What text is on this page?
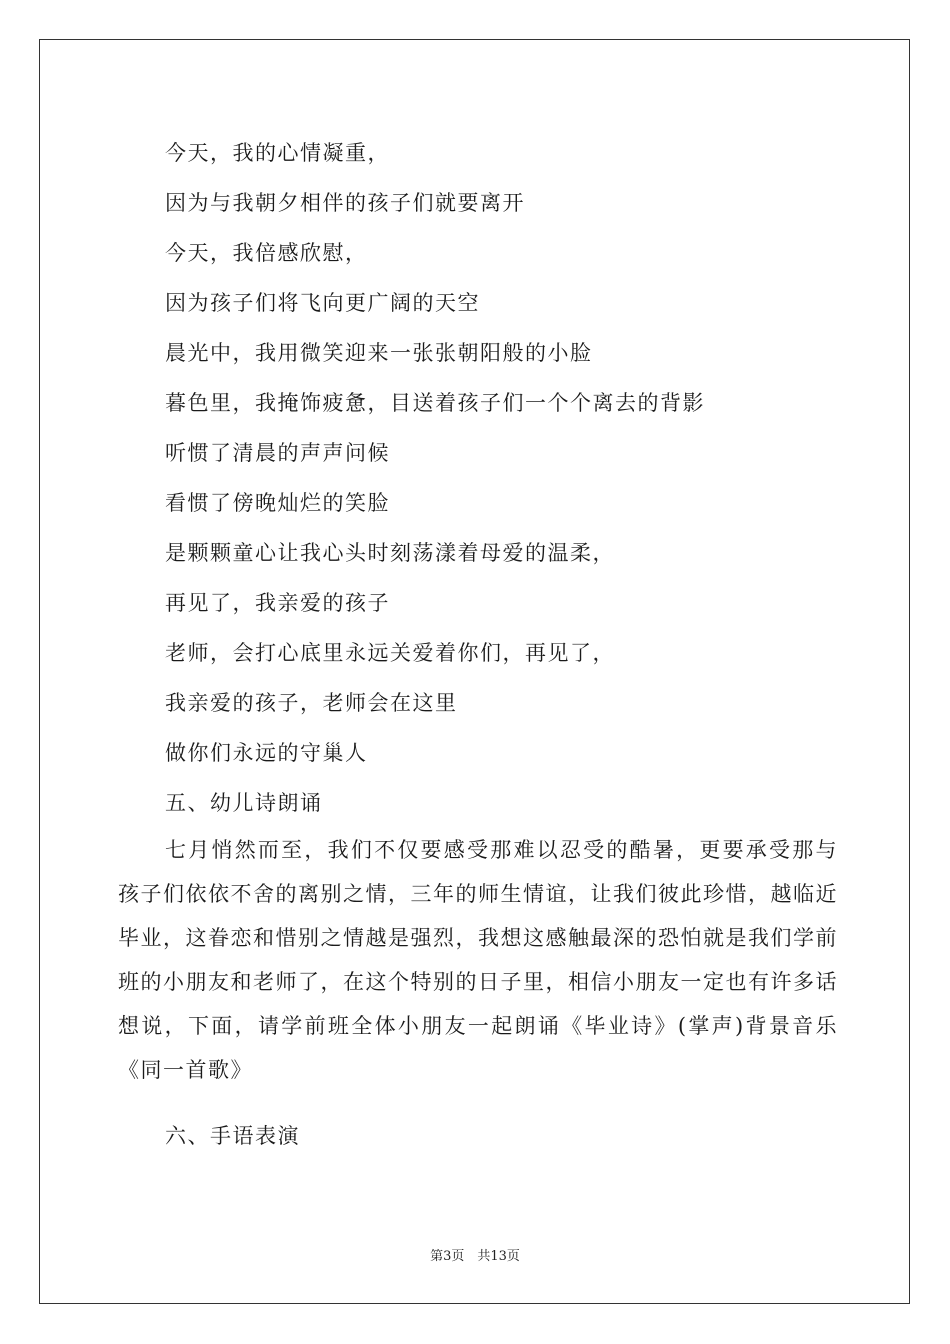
今天，我的心情凝重，
因为与我朝夕相伴的孩子们就要离开
今天，我倍感欣慰，
因为孩子们将飞向更广阔的天空
晨光中，我用微笑迎来一张张朝阳般的小脸
暮色里，我掩饰疲惫，目送着孩子们一个个离去的背影
听惯了清晨的声声问候
看惯了傍晚灿烂的笑脸
是颗颗童心让我心头时刻荡漾着母爱的温柔，
再见了，我亲爱的孩子
老师，会打心底里永远关爱着你们，再见了，
我亲爱的孩子，老师会在这里
做你们永远的守巢人
五、幼儿诗朗诵
七月悄然而至，我们不仅要感受那难以忍受的酷暑，更要承受那与孩子们依依不舍的离别之情，三年的师生情谊，让我们彼此珍惜，越临近毕业，这眷恋和惜别之情越是强烈，我想这感触最深的恐怕就是我们学前班的小朋友和老师了，在这个特别的日子里，相信小朋友一定也有许多话想说，下面，请学前班全体小朋友一起朗诵《毕业诗》(掌声)背景音乐《同一首歌》
六、手语表演
第3页　共13页
